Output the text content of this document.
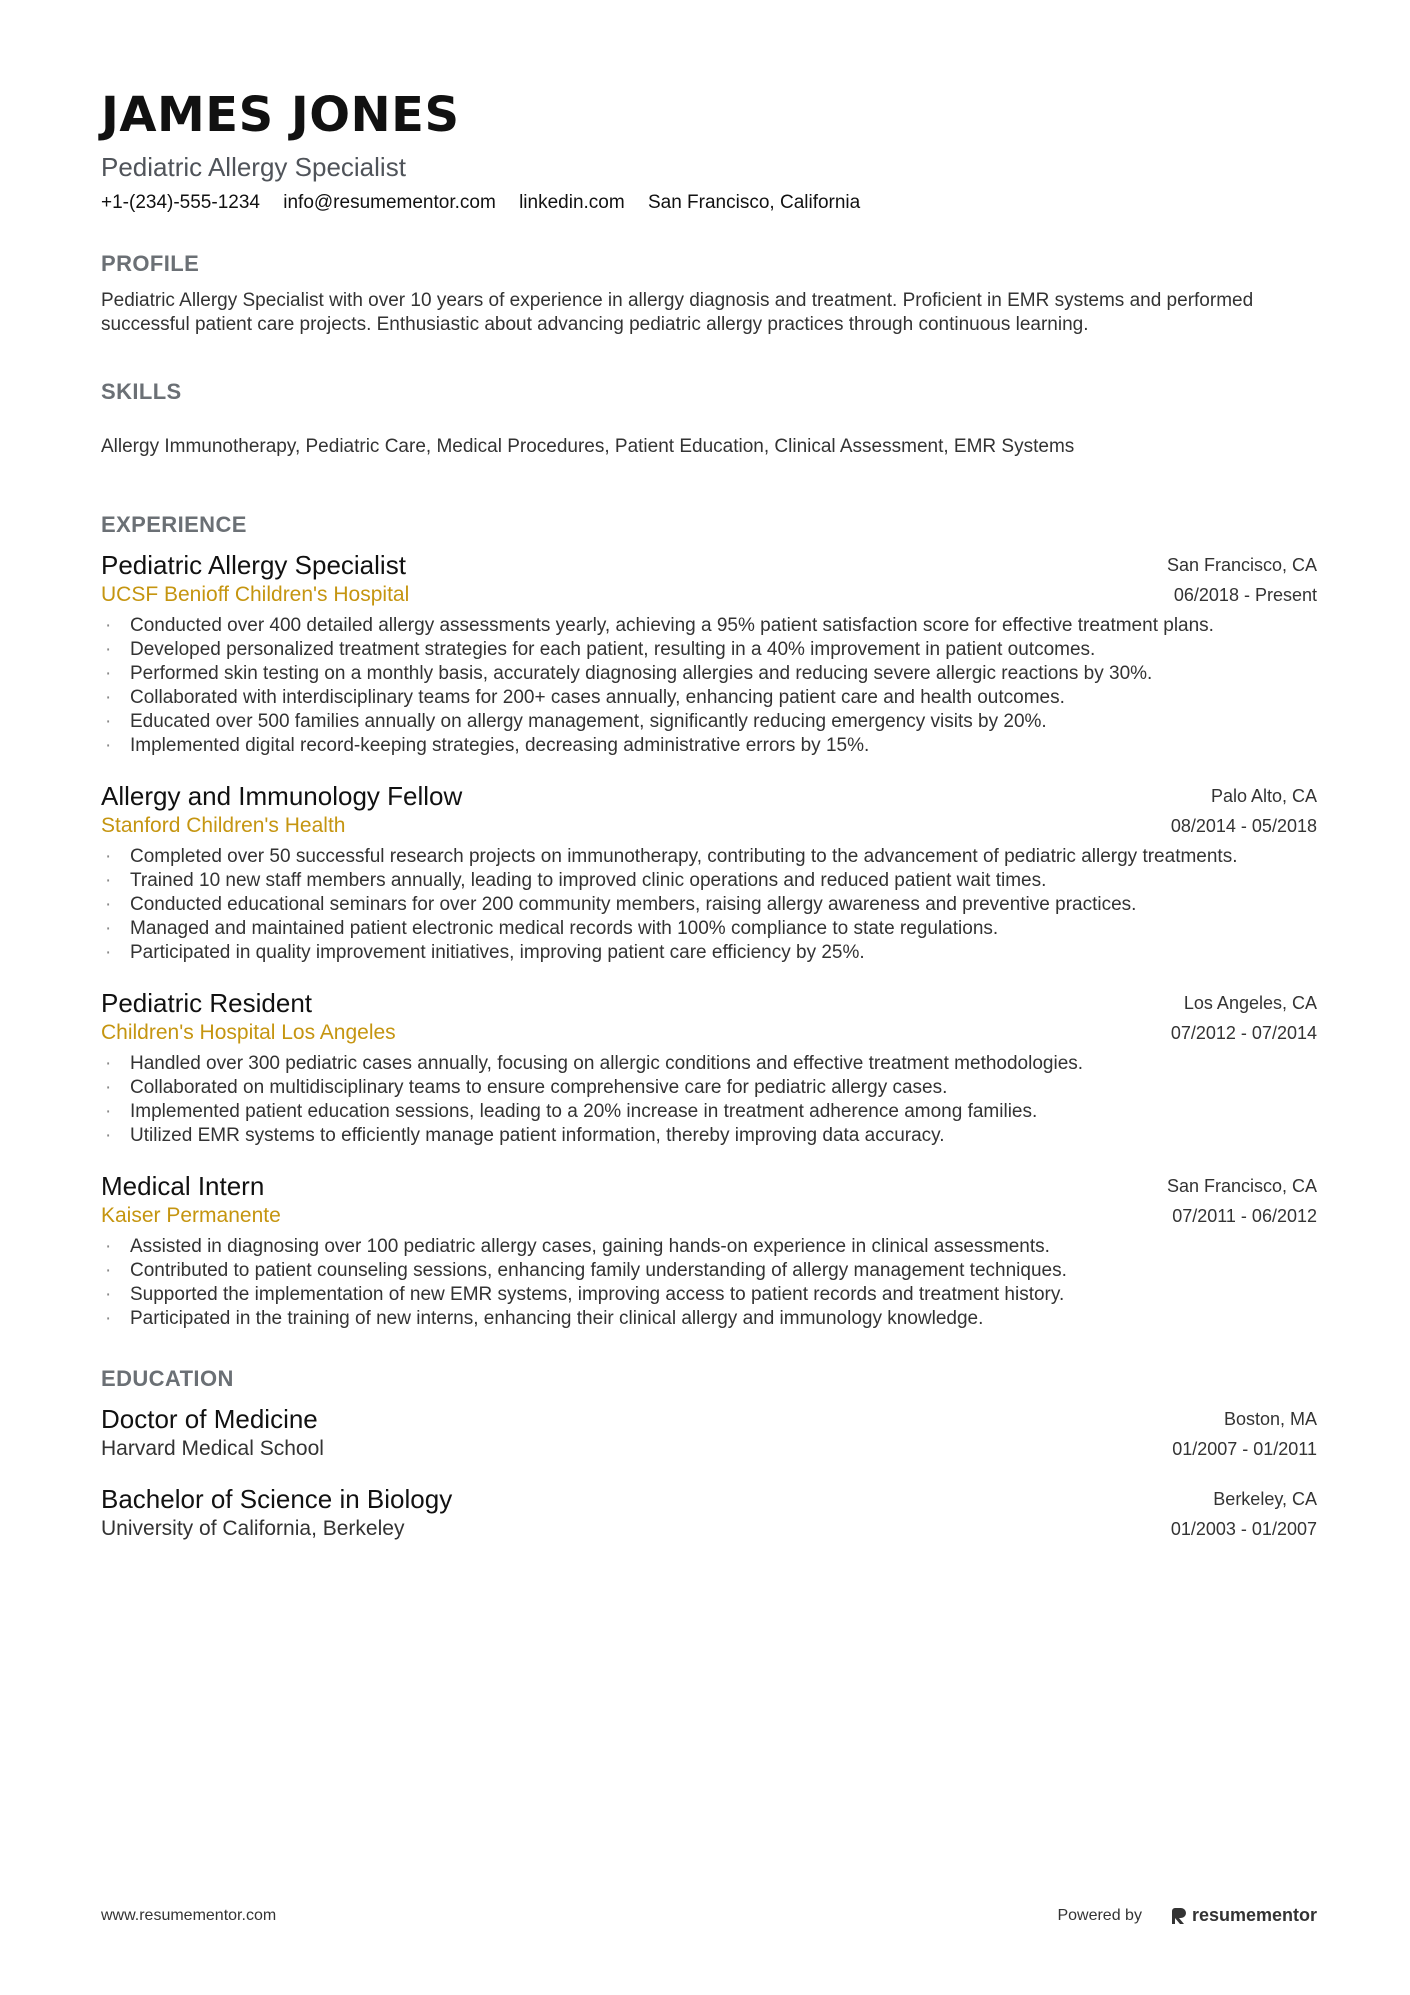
JAMES JONES
Pediatric Allergy Specialist
+1-(234)-555-1234 info@resumementor.com linkedin.com San Francisco, California
PROFILE
Pediatric Allergy Specialist with over 10 years of experience in allergy diagnosis and treatment. Proficient in EMR systems and performed successful patient care projects. Enthusiastic about advancing pediatric allergy practices through continuous learning.
SKILLS
Allergy Immunotherapy, Pediatric Care, Medical Procedures, Patient Education, Clinical Assessment, EMR Systems
EXPERIENCE
Pediatric Allergy Specialist
UCSF Benioff Children's Hospital
San Francisco, CA
06/2018 - Present
· Conducted over 400 detailed allergy assessments yearly, achieving a 95% patient satisfaction score for effective treatment plans.
· Developed personalized treatment strategies for each patient, resulting in a 40% improvement in patient outcomes.
· Performed skin testing on a monthly basis, accurately diagnosing allergies and reducing severe allergic reactions by 30%.
· Collaborated with interdisciplinary teams for 200+ cases annually, enhancing patient care and health outcomes.
· Educated over 500 families annually on allergy management, significantly reducing emergency visits by 20%.
· Implemented digital record-keeping strategies, decreasing administrative errors by 15%.
Allergy and Immunology Fellow
Stanford Children's Health
Palo Alto, CA
08/2014 - 05/2018
· Completed over 50 successful research projects on immunotherapy, contributing to the advancement of pediatric allergy treatments.
· Trained 10 new staff members annually, leading to improved clinic operations and reduced patient wait times.
· Conducted educational seminars for over 200 community members, raising allergy awareness and preventive practices.
· Managed and maintained patient electronic medical records with 100% compliance to state regulations.
· Participated in quality improvement initiatives, improving patient care efficiency by 25%.
Pediatric Resident
Children's Hospital Los Angeles
Los Angeles, CA
07/2012 - 07/2014
· Handled over 300 pediatric cases annually, focusing on allergic conditions and effective treatment methodologies.
· Collaborated on multidisciplinary teams to ensure comprehensive care for pediatric allergy cases.
· Implemented patient education sessions, leading to a 20% increase in treatment adherence among families.
· Utilized EMR systems to efficiently manage patient information, thereby improving data accuracy.
Medical Intern
Kaiser Permanente
San Francisco, CA
07/2011 - 06/2012
· Assisted in diagnosing over 100 pediatric allergy cases, gaining hands-on experience in clinical assessments.
· Contributed to patient counseling sessions, enhancing family understanding of allergy management techniques.
· Supported the implementation of new EMR systems, improving access to patient records and treatment history.
· Participated in the training of new interns, enhancing their clinical allergy and immunology knowledge.
EDUCATION
Doctor of Medicine
Harvard Medical School
Boston, MA
01/2007 - 01/2011
Bachelor of Science in Biology
University of California, Berkeley
Berkeley, CA
01/2003 - 01/2007
www.resumementor.com	Powered by	resumementor
